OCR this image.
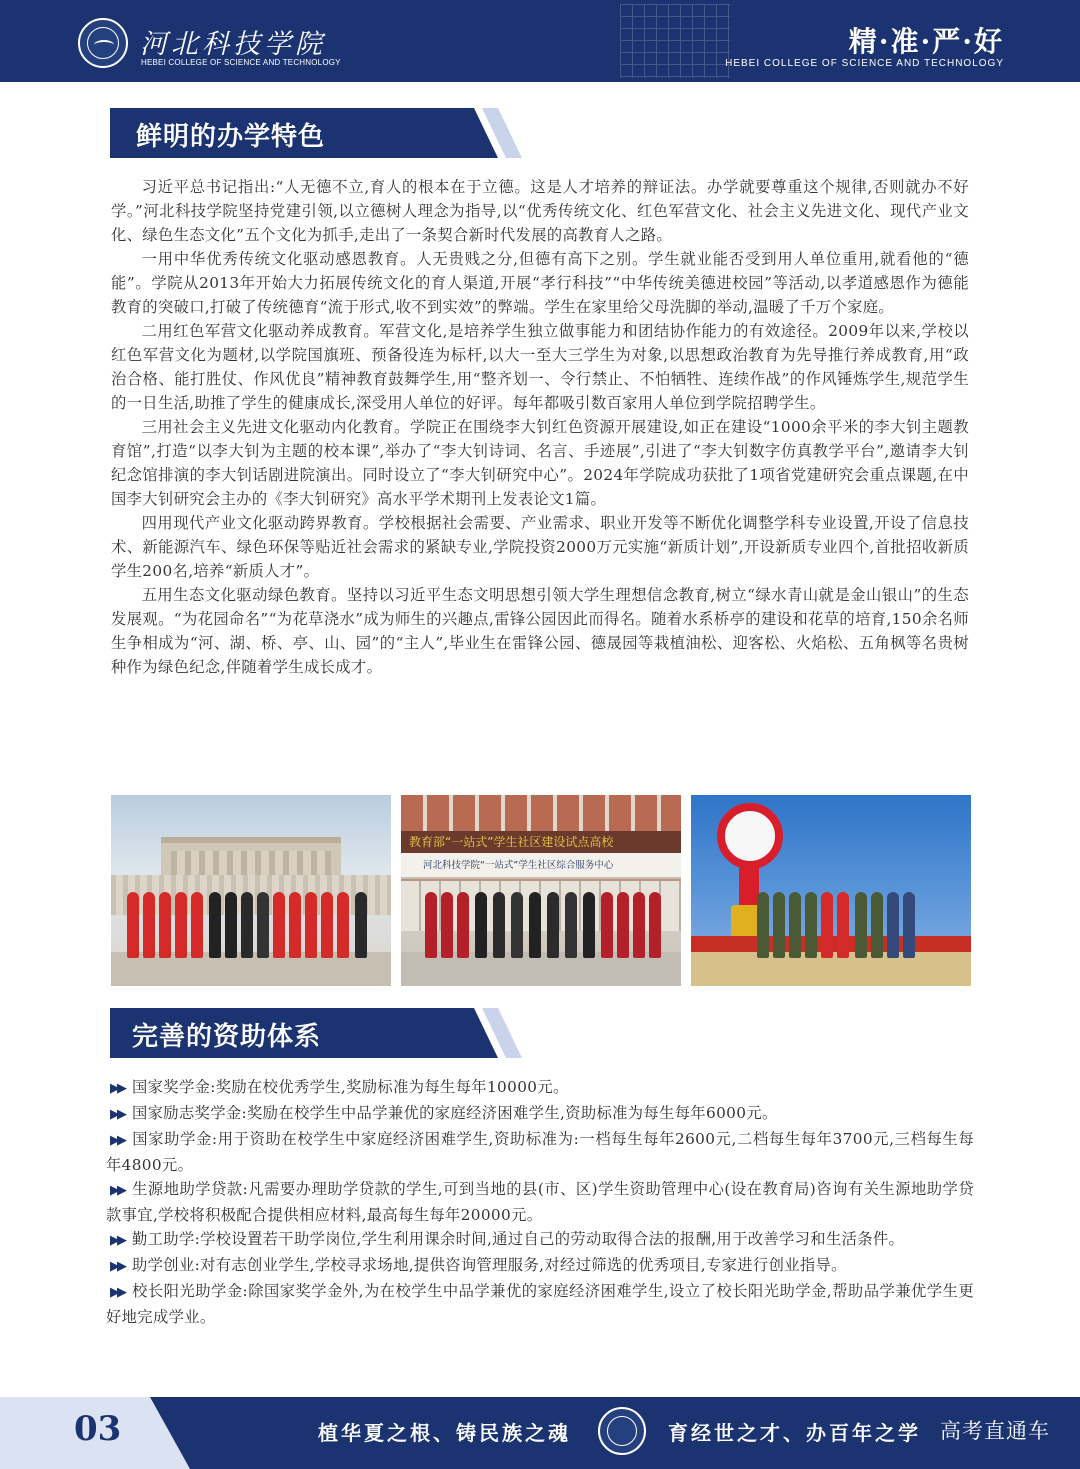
河北科技学院
HEBEI COLLEGE OF SCIENCE AND TECHNOLOGY
精·准·严·好
HEBEI COLLEGE OF SCIENCE AND TECHNOLOGY
鲜明的办学特色

习近平总书记指出:“人无德不立,育人的根本在于立德。这是人才培养的辩证法。办学就要尊重这个规律,否则就办不好学。”河北科技学院坚持党建引领,以立德树人理念为指导,以“优秀传统文化、红色军营文化、社会主义先进文化、现代产业文化、绿色生态文化”五个文化为抓手,走出了一条契合新时代发展的高教育人之路。

一用中华优秀传统文化驱动感恩教育。人无贵贱之分,但德有高下之别。学生就业能否受到用人单位重用,就看他的“德能”。学院从2013年开始大力拓展传统文化的育人渠道,开展“孝行科技”“中华传统美德进校园”等活动,以孝道感恩作为德能教育的突破口,打破了传统德育“流于形式,收不到实效”的弊端。学生在家里给父母洗脚的举动,温暖了千万个家庭。

二用红色军营文化驱动养成教育。军营文化,是培养学生独立做事能力和团结协作能力的有效途径。2009年以来,学校以红色军营文化为题材,以学院国旗班、预备役连为标杆,以大一至大三学生为对象,以思想政治教育为先导推行养成教育,用“政治合格、能打胜仗、作风优良”精神教育鼓舞学生,用“整齐划一、令行禁止、不怕牺牲、连续作战”的作风锤炼学生,规范学生的一日生活,助推了学生的健康成长,深受用人单位的好评。每年都吸引数百家用人单位到学院招聘学生。

三用社会主义先进文化驱动内化教育。学院正在围绕李大钊红色资源开展建设,如正在建设“1000余平米的李大钊主题教育馆”,打造“以李大钊为主题的校本课”,举办了“李大钊诗词、名言、手迹展”,引进了“李大钊数字仿真教学平台”,邀请李大钊纪念馆排演的李大钊话剧进院演出。同时设立了“李大钊研究中心”。2024年学院成功获批了1项省党建研究会重点课题,在中国李大钊研究会主办的《李大钊研究》高水平学术期刊上发表论文1篇。

四用现代产业文化驱动跨界教育。学校根据社会需要、产业需求、职业开发等不断优化调整学科专业设置,开设了信息技术、新能源汽车、绿色环保等贴近社会需求的紧缺专业,学院投资2000万元实施“新质计划”,开设新质专业四个,首批招收新质学生200名,培养“新质人才”。

五用生态文化驱动绿色教育。坚持以习近平生态文明思想引领大学生理想信念教育,树立“绿水青山就是金山银山”的生态发展观。“为花园命名”“为花草浇水”成为师生的兴趣点,雷锋公园因此而得名。随着水系桥亭的建设和花草的培育,150余名师生争相成为“河、湖、桥、亭、山、园”的“主人”,毕业生在雷锋公园、德晟园等栽植油松、迎客松、火焰松、五角枫等名贵树种作为绿色纪念,伴随着学生成长成才。

教育部“一站式”学生社区建设试点高校
河北科技学院“一站式”学生社区综合服务中心
完善的资助体系
▶▶ 国家奖学金:奖励在校优秀学生,奖励标准为每生每年10000元。
▶▶ 国家励志奖学金:奖励在校学生中品学兼优的家庭经济困难学生,资助标准为每生每年6000元。
▶▶ 国家助学金:用于资助在校学生中家庭经济困难学生,资助标准为:一档每生每年2600元,二档每生每年3700元,三档每生每年4800元。
▶▶ 生源地助学贷款:凡需要办理助学贷款的学生,可到当地的县(市、区)学生资助管理中心(设在教育局)咨询有关生源地助学贷款事宜,学校将积极配合提供相应材料,最高每生每年20000元。
▶▶ 勤工助学:学校设置若干助学岗位,学生利用课余时间,通过自己的劳动取得合法的报酬,用于改善学习和生活条件。
▶▶ 助学创业:对有志创业学生,学校寻求场地,提供咨询管理服务,对经过筛选的优秀项目,专家进行创业指导。
▶▶ 校长阳光助学金:除国家奖学金外,为在校学生中品学兼优的家庭经济困难学生,设立了校长阳光助学金,帮助品学兼优学生更好地完成学业。
03	植华夏之根、铸民族之魂	育经世之才、办百年之学 高考直通车
